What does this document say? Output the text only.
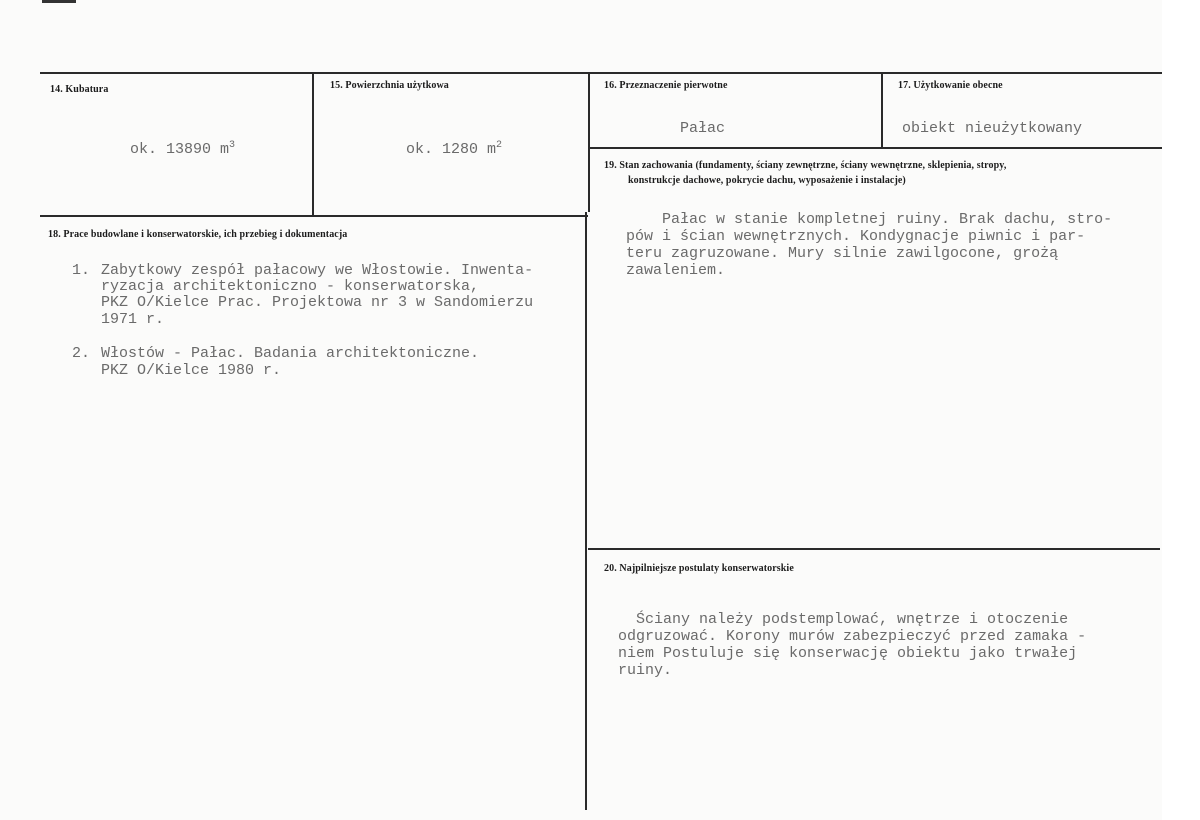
14. Kubatura
ok. 13890 $m^3$
15. Powierzchnia użytkowa
ok. 1280 $m^2$
16. Przeznaczenie pierwotne
Pałac
17. Użytkowanie obecne
obiekt nieużytkowany
18. Prace budowlane i konserwatorskie, ich przebieg i dokumentacja
1. Zabytkowy zespół pałacowy we Włostowie. Inwenta-
ryzacja architektoniczno - konserwatorska,
PKZ O/Kielce Prac. Projektowa nr 3 w Sandomierzu
1971 r.
2. Włostów - Pałac. Badania architektoniczne.
PKZ O/Kielce 1980 r.
19. Stan zachowania (fundamenty, ściany zewnętrzne, ściany wewnętrzne, sklepienia, stropy,
konstrukcje dachowe, pokrycie dachu, wyposażenie i instalacje)
Pałac w stanie kompletnej ruiny. Brak dachu, stro-
pów i ścian wewnętrznych. Kondygnacje piwnic i par-
teru zagruzowane. Mury silnie zawilgocone, grożą
zawaleniem.
20. Najpilniejsze postulaty konserwatorskie
Ściany należy podstemplować, wnętrze i otoczenie
odgruzować. Korony murów zabezpieczyć przed zamaka -
niem Postuluje się konserwację obiektu jako trwałej
ruiny.
